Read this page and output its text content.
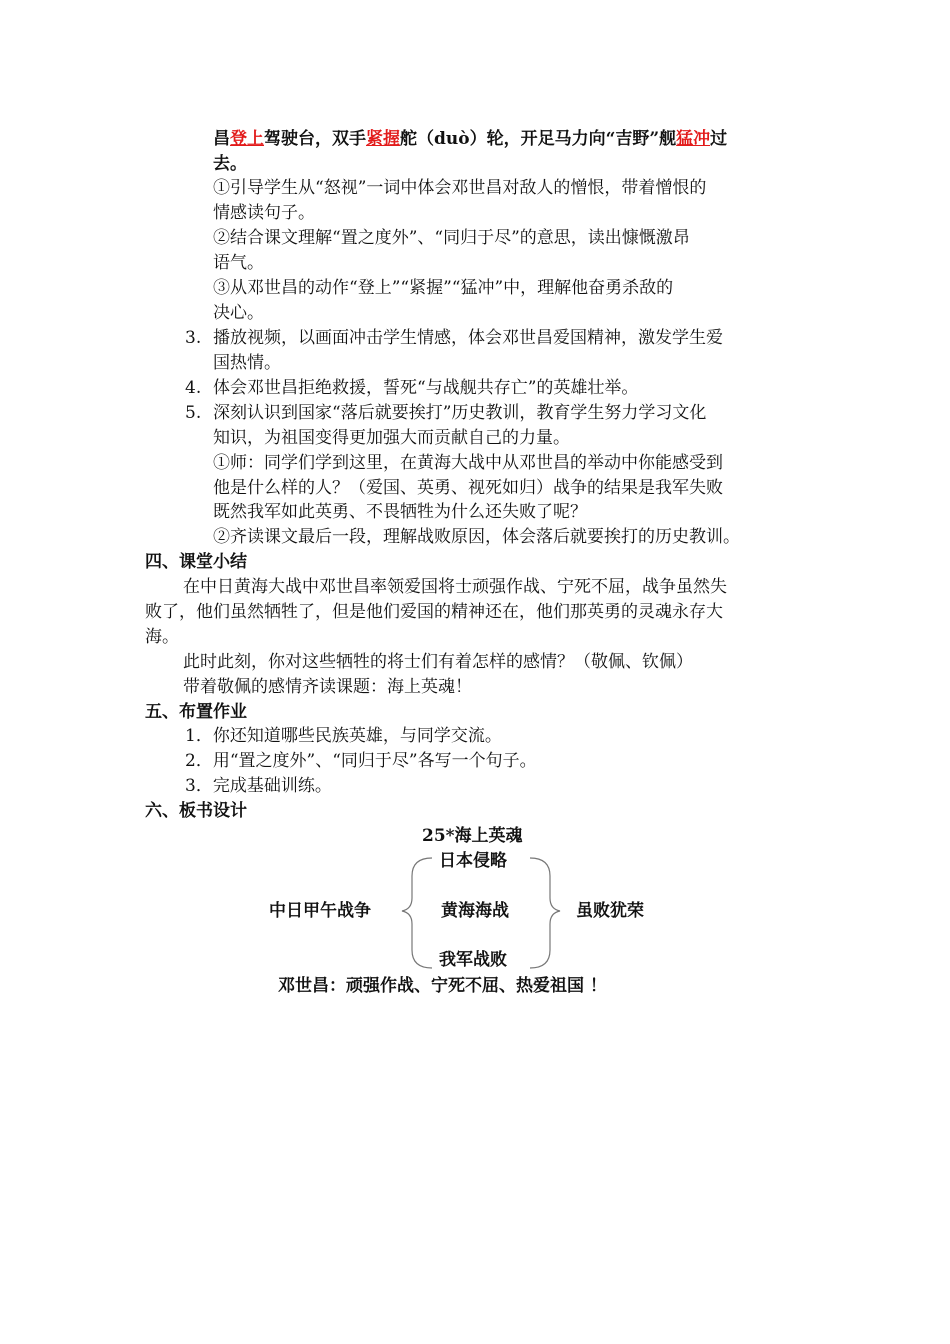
昌登上驾驶台，双手紧握舵（duò）轮，开足马力向“吉野”舰猛冲过
去。
①引导学生从“怒视”一词中体会邓世昌对敌人的憎恨，带着憎恨的
情感读句子。
②结合课文理解“置之度外”、“同归于尽”的意思，读出慷慨激昂
语气。
③从邓世昌的动作“登上”“紧握”“猛冲”中，理解他奋勇杀敌的
决心。
3. 播放视频，以画面冲击学生情感，体会邓世昌爱国精神，激发学生爱
国热情。
4. 体会邓世昌拒绝救援，誓死“与战舰共存亡”的英雄壮举。
5. 深刻认识到国家“落后就要挨打”历史教训，教育学生努力学习文化
知识，为祖国变得更加强大而贡献自己的力量。
①师：同学们学到这里，在黄海大战中从邓世昌的举动中你能感受到
他是什么样的人？（爱国、英勇、视死如归）战争的结果是我军失败
既然我军如此英勇、不畏牺牲为什么还失败了呢？
②齐读课文最后一段，理解战败原因，体会落后就要挨打的历史教训。
四、课堂小结
在中日黄海大战中邓世昌率领爱国将士顽强作战、宁死不屈，战争虽然失
败了，他们虽然牺牲了，但是他们爱国的精神还在，他们那英勇的灵魂永存大
海。
此时此刻，你对这些牺牲的将士们有着怎样的感情？（敬佩、钦佩）
带着敬佩的感情齐读课题：海上英魂！
五、布置作业
1．你还知道哪些民族英雄，与同学交流。
2．用“置之度外”、“同归于尽”各写一个句子。
3．完成基础训练。
六、板书设计
25*海上英魂
日本侵略
中日甲午战争	黄海海战	虽败犹荣
我军战败
邓世昌：顽强作战、宁死不屈、热爱祖国 ！
